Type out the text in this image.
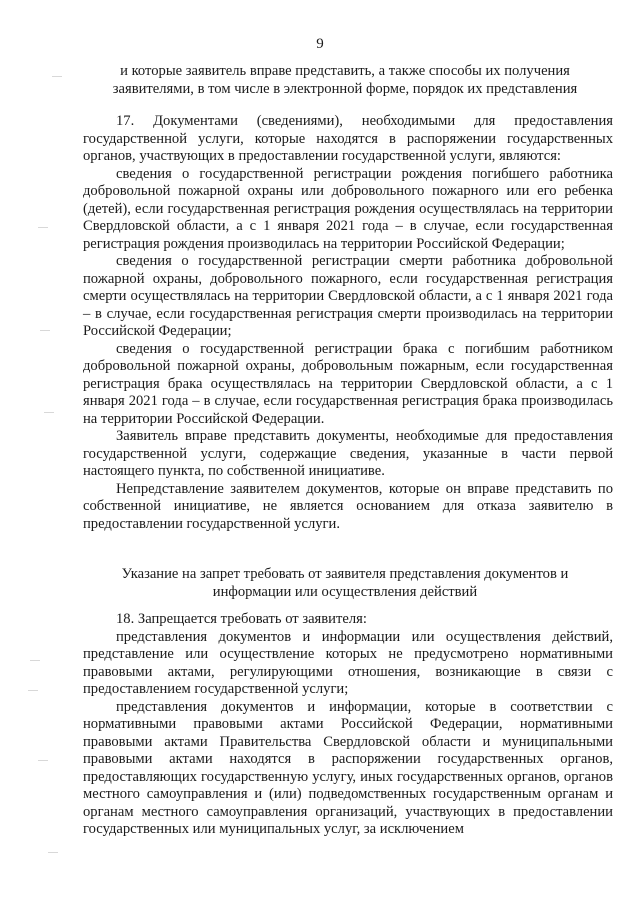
9
и которые заявитель вправе представить, а также способы их получения заявителями, в том числе в электронной форме, порядок их представления

17. Документами (сведениями), необходимыми для предоставления государственной услуги, которые находятся в распоряжении государственных органов, участвующих в предоставлении государственной услуги, являются:

сведения о государственной регистрации рождения погибшего работника добровольной пожарной охраны или добровольного пожарного или его ребенка (детей), если государственная регистрация рождения осуществлялась на территории Свердловской области, а с 1 января 2021 года – в случае, если государственная регистрация рождения производилась на территории Российской Федерации;

сведения о государственной регистрации смерти работника добровольной пожарной охраны, добровольного пожарного, если государственная регистрация смерти осуществлялась на территории Свердловской области, а с 1 января 2021 года – в случае, если государственная регистрация смерти производилась на территории Российской Федерации;

сведения о государственной регистрации брака с погибшим работником добровольной пожарной охраны, добровольным пожарным, если государственная регистрация брака осуществлялась на территории Свердловской области, а с 1 января 2021 года – в случае, если государственная регистрация брака производилась на территории Российской Федерации.

Заявитель вправе представить документы, необходимые для предоставления государственной услуги, содержащие сведения, указанные в части первой настоящего пункта, по собственной инициативе.

Непредставление заявителем документов, которые он вправе представить по собственной инициативе, не является основанием для отказа заявителю в предоставлении государственной услуги.

Указание на запрет требовать от заявителя представления документов и информации или осуществления действий

18. Запрещается требовать от заявителя:

представления документов и информации или осуществления действий, представление или осуществление которых не предусмотрено нормативными правовыми актами, регулирующими отношения, возникающие в связи с предоставлением государственной услуги;

представления документов и информации, которые в соответствии с нормативными правовыми актами Российской Федерации, нормативными правовыми актами Правительства Свердловской области и муниципальными правовыми актами находятся в распоряжении государственных органов, предоставляющих государственную услугу, иных государственных органов, органов местного самоуправления и (или) подведомственных государственным органам и органам местного самоуправления организаций, участвующих в предоставлении государственных или муниципальных услуг, за исключением
